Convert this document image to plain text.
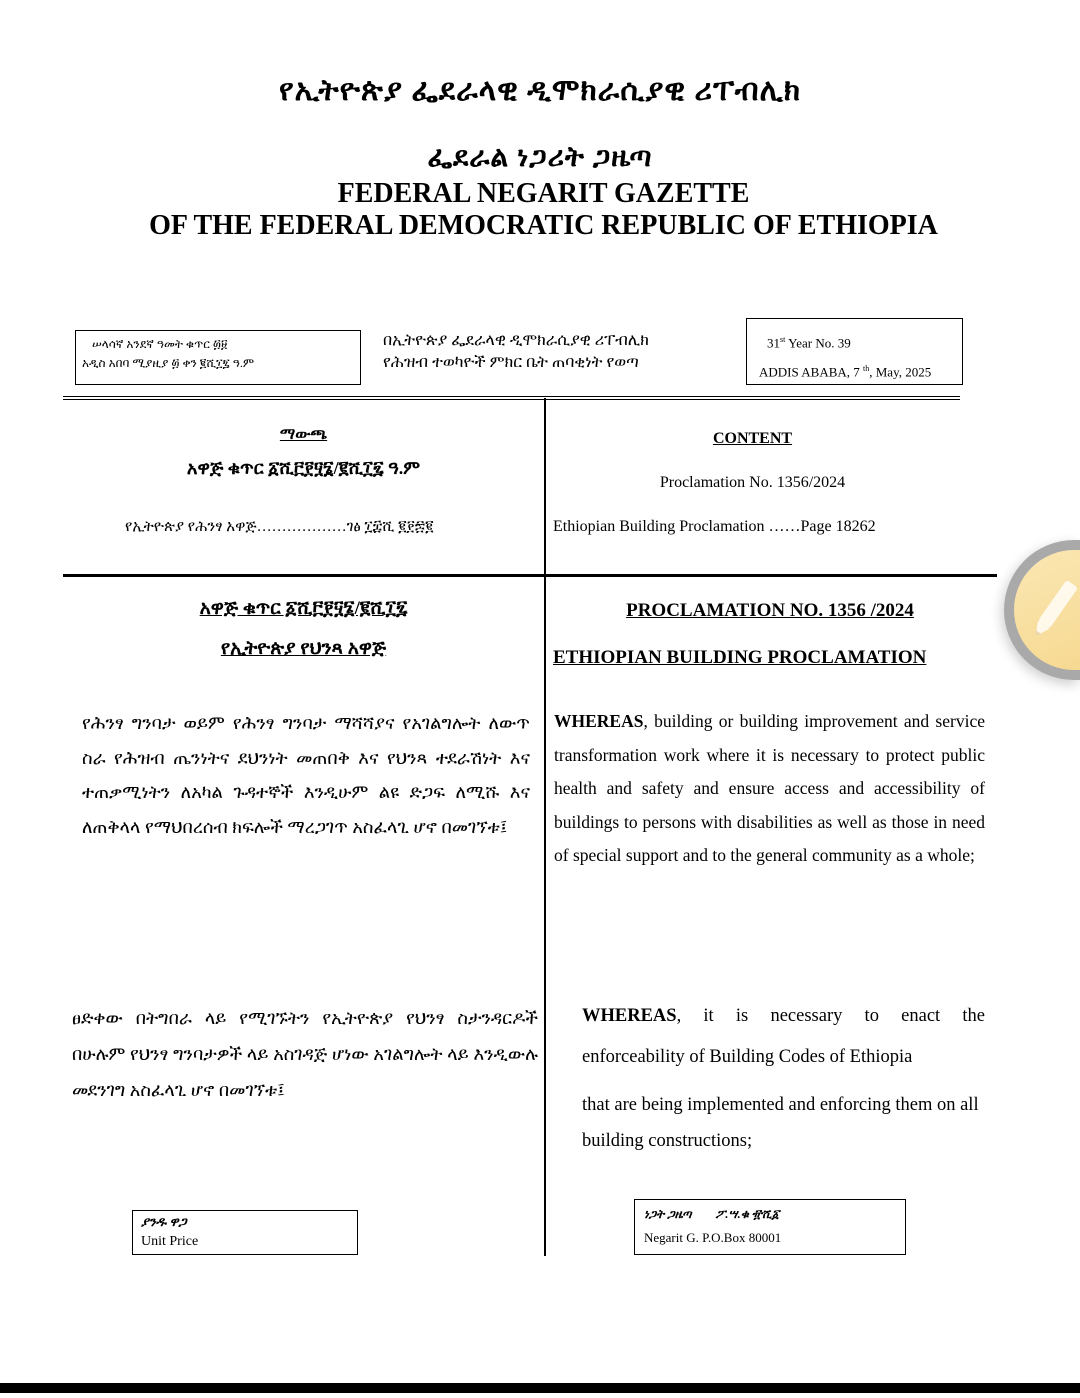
የኢትዮጵያ ፌደራላዊ ዲሞክራሲያዊ ሪፐብሊክ
ፌደራል ነጋሪት ጋዜጣ
FEDERAL NEGARIT GAZETTE
OF THE FEDERAL DEMOCRATIC REPUBLIC OF ETHIOPIA
ሠላሳኛ አንደኛ ዓመት ቁጥር ፴፱
አዲስ አበባ ሚያዚያ ፴ ቀን ፪ሺ፲፯ ዓ.ም
በኢትዮጵያ ፌደራላዊ ዲሞክራሲያዊ ሪፐብሊክ
የሕዝብ ተወካዮች ምክር ቤት ጠባቂነት የወጣ
31st Year No. 39
ADDIS ABABA, 7 $^{th}$, May, 2025
ማውጫ
አዋጅ ቁጥር ፩ሺ፫፻፶፮/፪ሺ፲፯ ዓ.ም
የኢትዮጵያ የሕንፃ አዋጅ………………ገፅ ፲፰ሺ ፪፻፷፪
CONTENT
Proclamation No. 1356/2024
Ethiopian Building Proclamation ……Page 18262
አዋጅ ቁጥር ፩ሺ፫፻፶፮/፪ሺ፲፯
የኢትዮጵያ የህንጻ አዋጅ
PROCLAMATION NO. 1356 /2024
ETHIOPIAN BUILDING PROCLAMATION
የሕንፃ ግንባታ ወይም የሕንፃ ግንባታ ማሻሻያና የአገልግሎት ለውጥ ስራ የሕዝብ ጤንነትና ደህንነት መጠበቅ እና የህንጻ ተደራሽነት እና ተጠቃሚነትን ለአካል ጉዳተኞች እንዲሁም ልዩ ድጋፍ ለሚሹ እና ለጠቅላላ የማህበረሰብ ክፍሎች ማረጋገጥ አስፈላጊ ሆኖ በመገኘቱ፤
ፀድቀው በትግበራ ላይ የሚገኙትን የኢትዮጵያ የህንፃ ስታንዳርዶች በሁሉም የህንፃ ግንባታዎች ላይ አስገዳጅ ሆነው አገልግሎት ላይ እንዲውሉ መደንገግ አስፈላጊ ሆኖ በመገኘቱ፤
WHEREAS, building or building improvement and service transformation work where it is necessary to protect public health and safety and ensure access and accessibility of buildings to persons with disabilities as well as those in need of special support and to the general community as a whole;
WHEREAS, it is necessary to enact the enforceability of Building Codes of Ethiopia
that are being implemented and enforcing them on all building constructions;
ያንዱ ዋጋ
Unit Price
ነጋት ጋዜጣ ፖ.ሣ.ቁ ፹ሺ፩
Negarit G. P.O.Box 80001
